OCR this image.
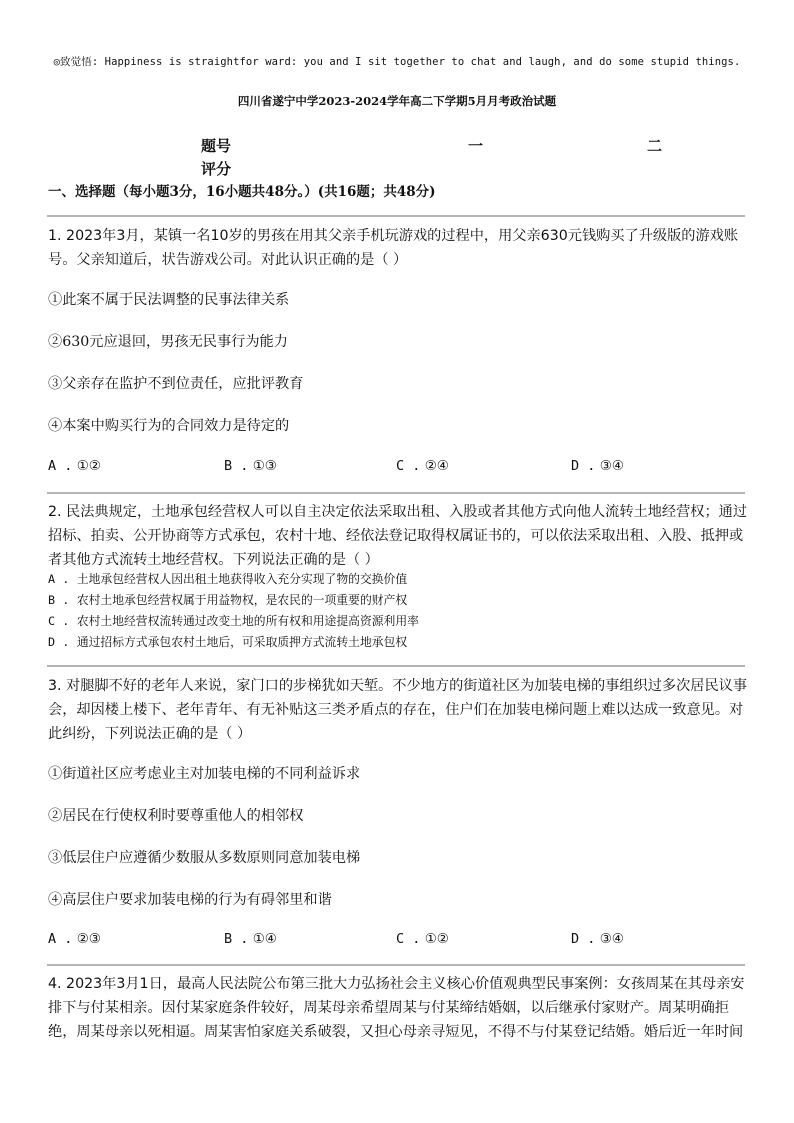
◎致觉悟: Happiness is straightfor ward: you and I sit together to chat and laugh, and do some stupid things.
四川省遂宁中学2023-2024学年高二下学期5月月考政治试题
题号	一	二
评分
一、选择题（每小题3分，16小题共48分。）(共16题；共48分)
1. 2023年3月，某镇一名10岁的男孩在用其父亲手机玩游戏的过程中，用父亲630元钱购买了升级版的游戏账
号。父亲知道后，状告游戏公司。对此认识正确的是（ ）
①此案不属于民法调整的民事法律关系
②630元应退回，男孩无民事行为能力
③父亲存在监护不到位责任，应批评教育
④本案中购买行为的合同效力是待定的
A . ①②	B . ①③	C . ②④	D . ③④
2. 民法典规定，土地承包经营权人可以自主决定依法采取出租、入股或者其他方式向他人流转土地经营权；通过
招标、拍卖、公开协商等方式承包，农村十地、经依法登记取得权属证书的，可以依法采取出租、入股、抵押或
者其他方式流转土地经营权。下列说法正确的是（ ）
A . 土地承包经营权人因出租土地获得收入充分实现了物的交换价值
B . 农村土地承包经营权属于用益物权，是农民的一项重要的财产权
C . 农村土地经营权流转通过改变土地的所有权和用途提高资源利用率
D . 通过招标方式承包农村土地后，可采取质押方式流转土地承包权
3. 对腿脚不好的老年人来说，家门口的步梯犹如天堑。不少地方的街道社区为加装电梯的事组织过多次居民议事
会，却因楼上楼下、老年青年、有无补贴这三类矛盾点的存在，住户们在加装电梯问题上难以达成一致意见。对
此纠纷，下列说法正确的是（ ）
①街道社区应考虑业主对加装电梯的不同利益诉求
②居民在行使权利时要尊重他人的相邻权
③低层住户应遵循少数服从多数原则同意加装电梯
④高层住户要求加装电梯的行为有碍邻里和谐
A . ②③	B . ①④	C . ①②	D . ③④
4. 2023年3月1日，最高人民法院公布第三批大力弘扬社会主义核心价值观典型民事案例：女孩周某在其母亲安
排下与付某相亲。因付某家庭条件较好，周某母亲希望周某与付某缔结婚姻，以后继承付家财产。周某明确拒
绝，周某母亲以死相逼。周某害怕家庭关系破裂，又担心母亲寻短见，不得不与付某登记结婚。婚后近一年时间
